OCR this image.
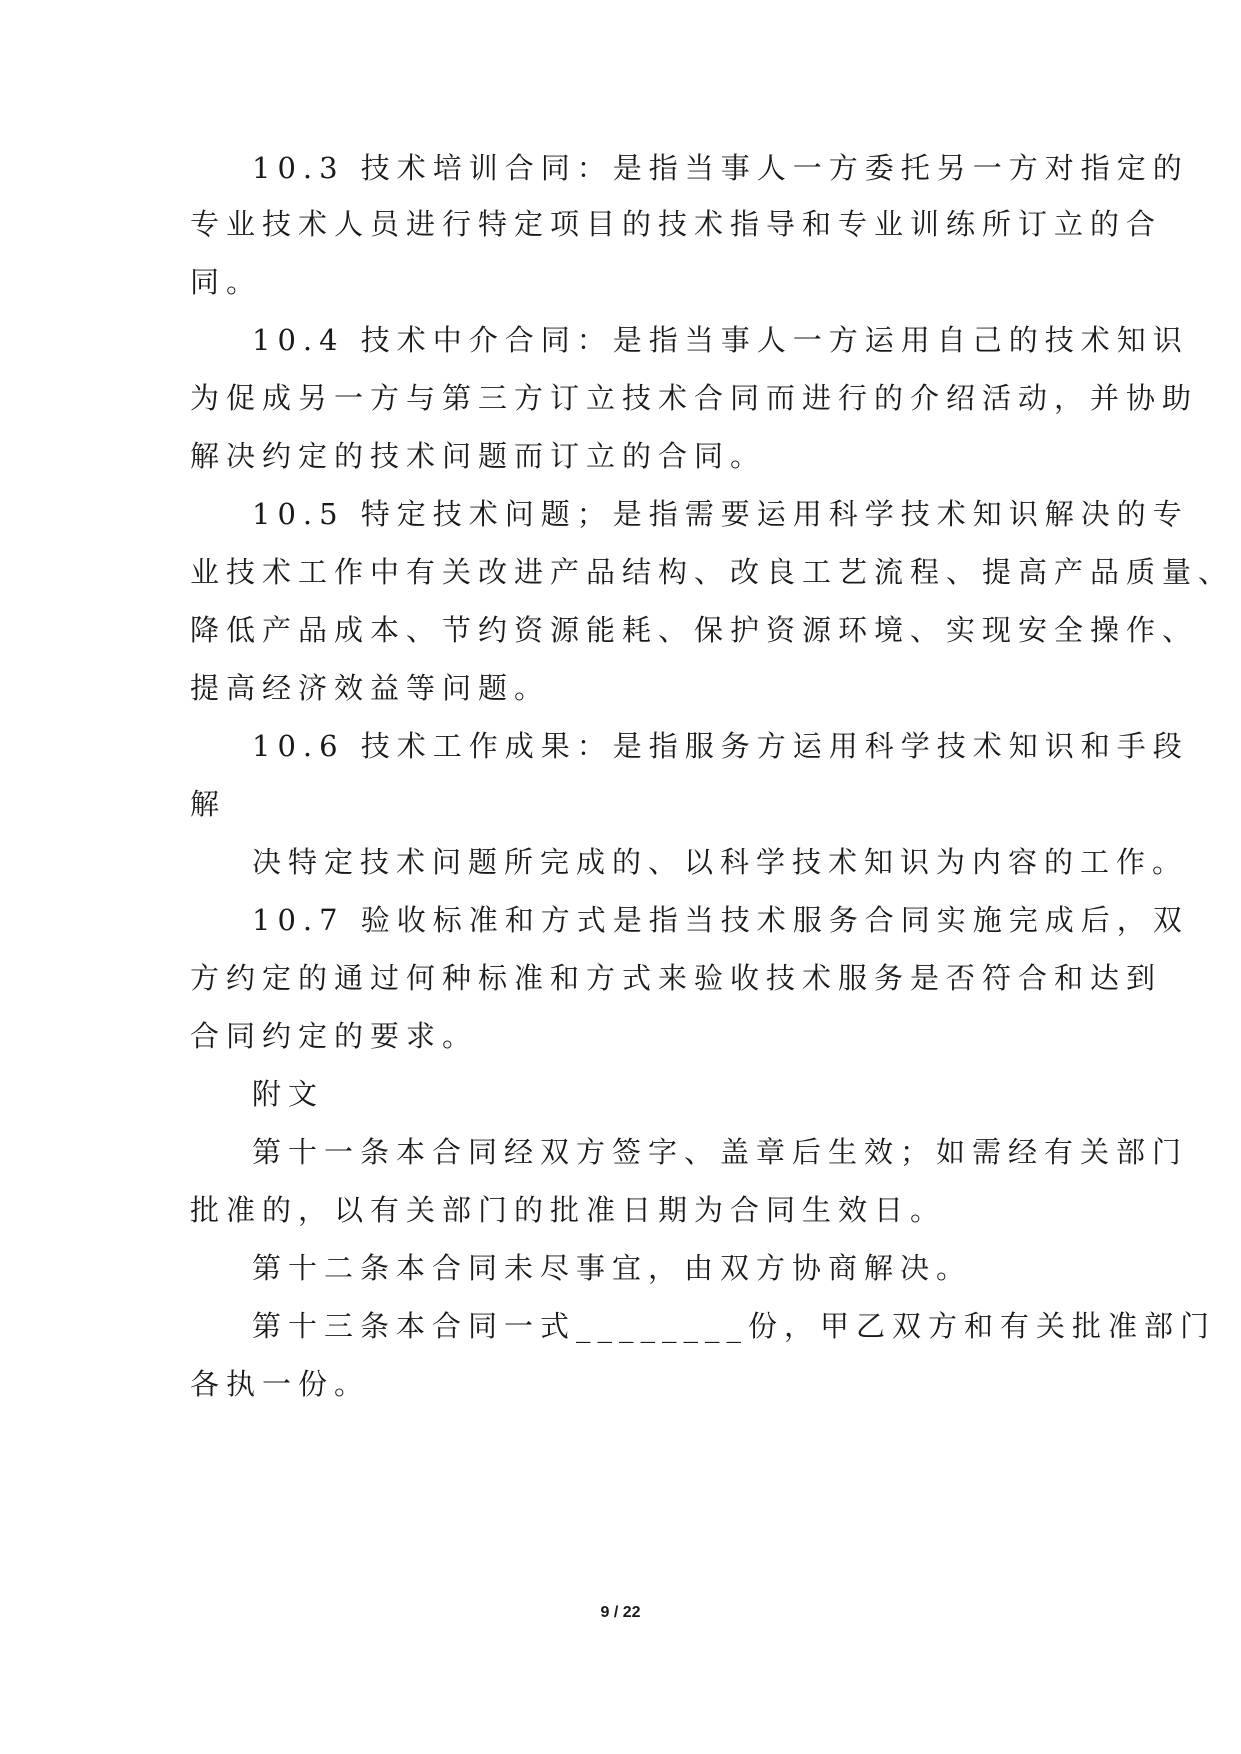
10.3 技术培训合同：是指当事人一方委托另一方对指定的
专业技术人员进行特定项目的技术指导和专业训练所订立的合
同。
10.4 技术中介合同：是指当事人一方运用自己的技术知识
为促成另一方与第三方订立技术合同而进行的介绍活动，并协助
解决约定的技术问题而订立的合同。
10.5 特定技术问题；是指需要运用科学技术知识解决的专
业技术工作中有关改进产品结构、改良工艺流程、提高产品质量、
降低产品成本、节约资源能耗、保护资源环境、实现安全操作、
提高经济效益等问题。
10.6 技术工作成果：是指服务方运用科学技术知识和手段
解
决特定技术问题所完成的、以科学技术知识为内容的工作。
10.7 验收标准和方式是指当技术服务合同实施完成后，双
方约定的通过何种标准和方式来验收技术服务是否符合和达到
合同约定的要求。
附文
第十一条本合同经双方签字、盖章后生效；如需经有关部门
批准的，以有关部门的批准日期为合同生效日。
第十二条本合同未尽事宜，由双方协商解决。
第十三条本合同一式________份，甲乙双方和有关批准部门
各执一份。
9 / 22
